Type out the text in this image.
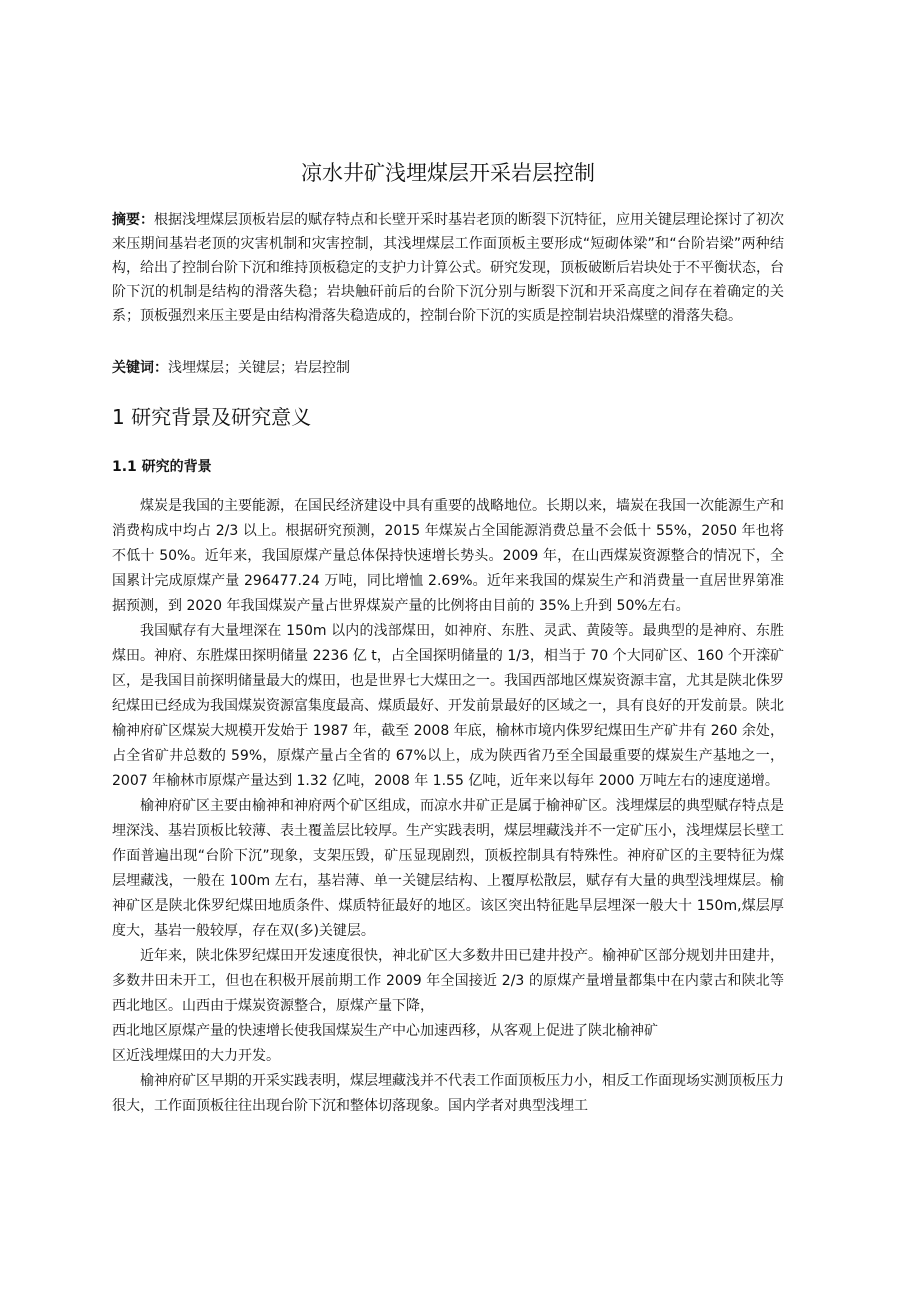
凉水井矿浅埋煤层开采岩层控制
摘要：根据浅埋煤层顶板岩层的赋存特点和长壁开采时基岩老顶的断裂下沉特征，应用关键层理论探讨了初次来压期间基岩老顶的灾害机制和灾害控制，其浅埋煤层工作面顶板主要形成“短砌体梁”和“台阶岩梁”两种结构，给出了控制台阶下沉和维持顶板稳定的支护力计算公式。研究发现，顶板破断后岩块处于不平衡状态，台阶下沉的机制是结构的滑落失稳；岩块触矸前后的台阶下沉分别与断裂下沉和开采高度之间存在着确定的关系；顶板强烈来压主要是由结构滑落失稳造成的，控制台阶下沉的实质是控制岩块沿煤壁的滑落失稳。
关键词：浅埋煤层；关键层；岩层控制
1 研究背景及研究意义
1.1 研究的背景

煤炭是我国的主要能源，在国民经济建设中具有重要的战略地位。长期以来，墙炭在我国一次能源生产和消费构成中均占 2/3 以上。根据研究预测，2015 年煤炭占全国能源消费总量不会低十 55%，2050 年也将不低十 50%。近年来，我国原煤产量总体保持快速增长势头。2009 年，在山西煤炭资源整合的情况下，全国累计完成原煤产量 296477.24 万吨，同比增恤 2.69%。近年来我国的煤炭生产和消费量一直居世界第准据预测，到 2020 年我国煤炭产量占世界煤炭产量的比例将由目前的 35%上升到 50%左右。

我国赋存有大量埋深在 150m 以内的浅部煤田，如神府、东胜、灵武、黄陵等。最典型的是神府、东胜煤田。神府、东胜煤田探明储量 2236 亿 t，占全国探明储量的 1/3，相当于 70 个大同矿区、160 个开滦矿区，是我国目前探明储量最大的煤田，也是世界七大煤田之一。我国西部地区煤炭资源丰富，尤其是陕北侏罗纪煤田已经成为我国煤炭资源富集度最高、煤质最好、开发前景最好的区域之一，具有良好的开发前景。陕北榆神府矿区煤炭大规模开发始于 1987 年，截至 2008 年底，榆林市境内侏罗纪煤田生产矿井有 260 余处，占全省矿井总数的 59%，原煤产量占全省的 67%以上，成为陕西省乃至全国最重要的煤炭生产基地之一，2007 年榆林市原煤产量达到 1.32 亿吨，2008 年 1.55 亿吨，近年来以每年 2000 万吨左右的速度递增。

榆神府矿区主要由榆神和神府两个矿区组成，而凉水井矿正是属于榆神矿区。浅埋煤层的典型赋存特点是埋深浅、基岩顶板比较薄、表土覆盖层比较厚。生产实践表明，煤层埋藏浅并不一定矿压小，浅埋煤层长壁工作面普遍出现“台阶下沉”现象，支架压毁，矿压显现剧烈，顶板控制具有特殊性。神府矿区的主要特征为煤层埋藏浅，一般在 100m 左右，基岩薄、单一关键层结构、上覆厚松散层，赋存有大量的典型浅埋煤层。榆神矿区是陕北侏罗纪煤田地质条件、煤质特征最好的地区。该区突出特征匙旱层埋深一般大十 150m,煤层厚度大，基岩一般较厚，存在双(多)关键层。

近年来，陕北侏罗纪煤田开发速度很快，神北矿区大多数井田已建井投产。榆神矿区部分规划井田建井，多数井田未开工，但也在积极开展前期工作 2009 年全国接近 2/3 的原煤产量增量都集中在内蒙古和陕北等西北地区。山西由于煤炭资源整合，原煤产量下降，
西北地区原煤产量的快速增长使我国煤炭生产中心加速西移，从客观上促进了陕北榆神矿
区近浅埋煤田的大力开发。

榆神府矿区早期的开采实践表明，煤层埋藏浅并不代表工作面顶板压力小，相反工作面现场实测顶板压力很大，工作面顶板往往出现台阶下沉和整体切落现象。国内学者对典型浅埋工
